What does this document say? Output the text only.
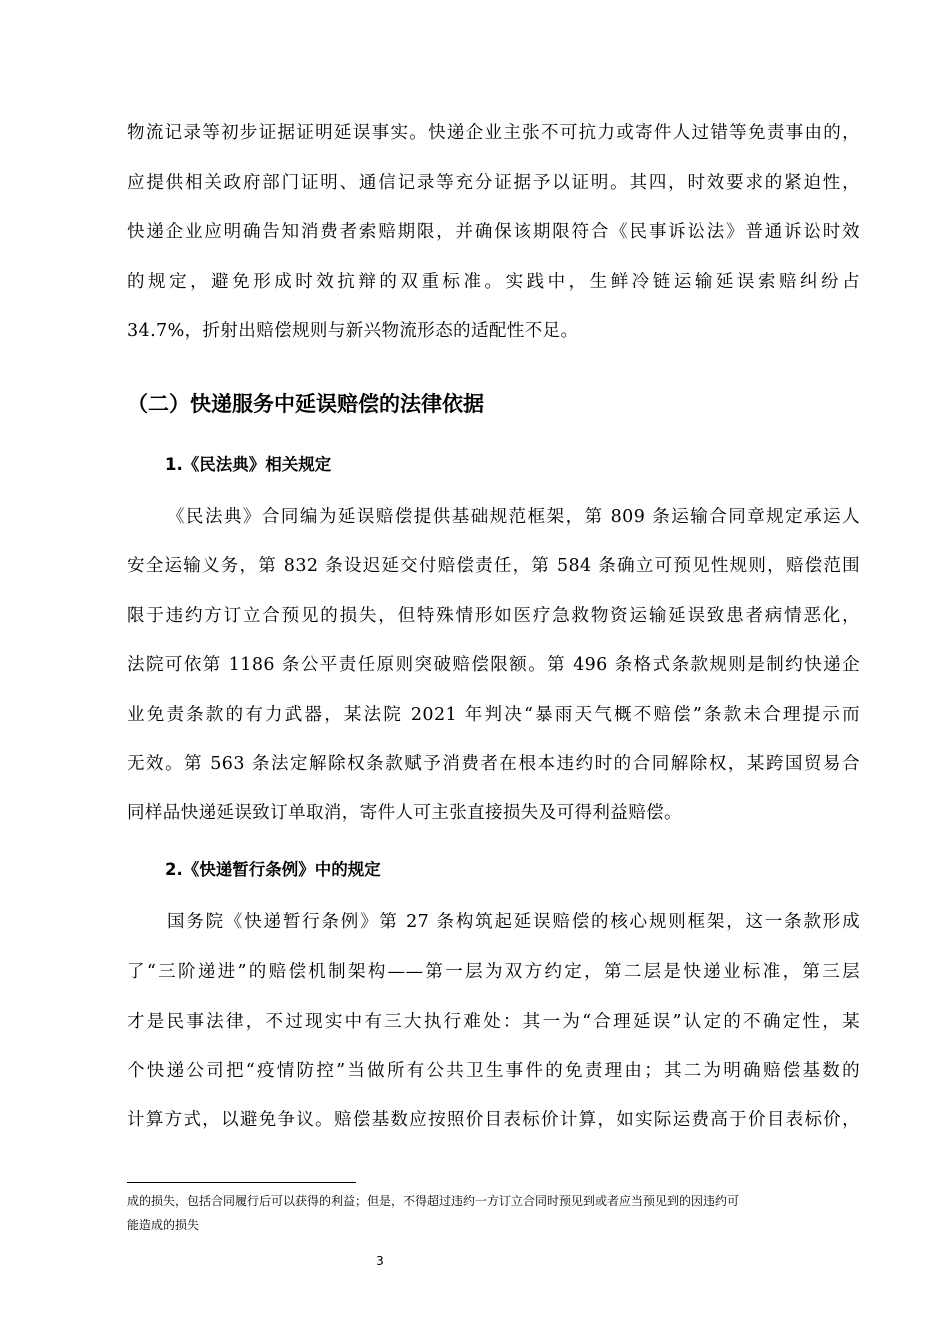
物流记录等初步证据证明延误事实。快递企业主张不可抗力或寄件人过错等免责事由的，
应提供相关政府部门证明、通信记录等充分证据予以证明。其四，时效要求的紧迫性，
快递企业应明确告知消费者索赔期限，并确保该期限符合《民事诉讼法》普通诉讼时效
的规定，避免形成时效抗辩的双重标准。实践中，生鲜冷链运输延误索赔纠纷占
34.7%，折射出赔偿规则与新兴物流形态的适配性不足。
（二）快递服务中延误赔偿的法律依据
1.《民法典》相关规定
《民法典》合同编为延误赔偿提供基础规范框架，第 809 条运输合同章规定承运人
安全运输义务，第 832 条设迟延交付赔偿责任，第 584 条确立可预见性规则，赔偿范围
限于违约方订立合预见的损失，但特殊情形如医疗急救物资运输延误致患者病情恶化，
法院可依第 1186 条公平责任原则突破赔偿限额。第 496 条格式条款规则是制约快递企
业免责条款的有力武器，某法院 2021 年判决“暴雨天气概不赔偿”条款未合理提示而
无效。第 563 条法定解除权条款赋予消费者在根本违约时的合同解除权，某跨国贸易合
同样品快递延误致订单取消，寄件人可主张直接损失及可得利益赔偿。
2.《快递暂行条例》中的规定
国务院《快递暂行条例》第 27 条构筑起延误赔偿的核心规则框架，这一条款形成
了“三阶递进”的赔偿机制架构——第一层为双方约定，第二层是快递业标准，第三层
才是民事法律，不过现实中有三大执行难处：其一为“合理延误”认定的不确定性，某
个快递公司把“疫情防控”当做所有公共卫生事件的免责理由；其二为明确赔偿基数的
计算方式，以避免争议。赔偿基数应按照价目表标价计算，如实际运费高于价目表标价，
成的损失，包括合同履行后可以获得的利益；但是，不得超过违约一方订立合同时预见到或者应当预见到的因违约可
能造成的损失
3
